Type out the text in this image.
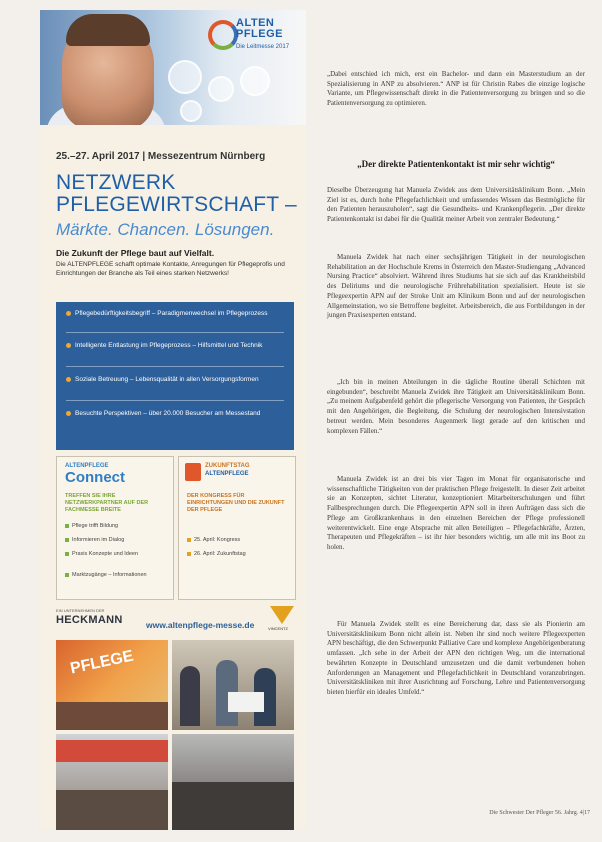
ALTEN
PFLEGE
Die Leitmesse 2017
25.–27. April 2017 | Messezentrum Nürnberg
NETZWERK
PFLEGEWIRTSCHAFT –
Märkte. Chancen. Lösungen.
Die Zukunft der Pflege baut auf Vielfalt.
Die ALTENPFLEGE schafft optimale Kontakte, Anregungen für Pflegeprofis und Einrichtungen der Branche als Teil eines starken Netzwerks!
Pflegebedürftigkeitsbegriff – Paradigmenwechsel im Pflegeprozess
Intelligente Entlastung im Pflegeprozess – Hilfsmittel und Technik
Soziale Betreuung – Lebensqualität in allen Versorgungsformen
Besuchte Perspektiven – über 20.000 Besucher am Messestand
ALTENPFLEGE
Connect
TREFFEN SIE IHRE NETZWERKPARTNER AUF DER FACHMESSE BREITE
Pflege trifft Bildung
Informieren im Dialog
Praxis Konzepte und Ideen
Marktzugänge – Informationen
ZUKUNFTSTAG
ALTENPFLEGE
DER KONGRESS FÜR EINRICHTUNGEN UND DIE ZUKUNFT DER PFLEGE
25. April: Kongress
26. April: Zukunftstag
EIN UNTERNEHMEN DER
HECKMANN	www.altenpflege-messe.de	VINCENTZ
PFLEGE

„Dabei entschied ich mich, erst ein Bachelor- und dann ein Masterstudium an der Spezialisierung in ANP zu absolvieren.“ ANP ist für Christin Rabes die einzige logische Variante, um Pflegewissenschaft direkt in die Patientenversorgung zu bringen und so die Patientenversorgung zu optimieren.

„Der direkte Patientenkontakt ist mir sehr wichtig“

Dieselbe Überzeugung hat Manuela Zwidek aus dem Universitätsklinikum Bonn. „Mein Ziel ist es, durch hohe Pflegefachlichkeit und umfassendes Wissen das Bestmögliche für den Patienten herauszuholen“, sagt die Gesundheits- und Krankenpflegerin. „Der direkte Patientenkontakt ist dabei für die Qualität meiner Arbeit von zentraler Bedeutung.“

Manuela Zwidek hat nach einer sechsjährigen Tätigkeit in der neurologischen Rehabilitation an der Hochschule Krems in Österreich den Master-Studiengang „Advanced Nursing Practice“ absolviert. Während ihres Studiums hat sie sich auf das Krankheitsbild des Deliriums und die neurologische Frührehabilitation spezialisiert. Heute ist sie Pflegeexpertin APN auf der Stroke Unit am Klinikum Bonn und auf der neurologischen Allgemeinstation, wo sie Betroffene begleitet. Arbeitsbereich, die aus Fortbildungen in der jungen Praxisexperten entstand.

„Ich bin in meinen Abteilungen in die tägliche Routine überall Schichten mit eingebunden“, beschreibt Manuela Zwidek ihre Tätigkeit am Universitätsklinikum Bonn. „Zu meinem Aufgabenfeld gehört die pflegerische Versorgung von Patienten, ihr Gespräch mit den Angehörigen, die Begleitung, die Schulung der neurologischen Intensivstation betreut werden. Mein besonderes Augenmerk liegt gerade auf den kritischen und komplexen Fällen.“

Manuela Zwidek ist an drei bis vier Tagen im Monat für organisatorische und wissenschaftliche Tätigkeiten von der praktischen Pflege freigestellt. In dieser Zeit arbeitet sie an Konzepten, sichtet Literatur, konzeptioniert Mitarbeiterschulungen und führt Fallbesprechungen durch. Die Pflegeexpertin APN soll in ihren Aufträgen dass sich die Pflege am Großkrankenhaus in den einzelnen Bereichen der Pflege professionell weiterentwickelt. Eine enge Absprache mit allen Beteiligten – Pflegefachkräfte, Ärzten, Therapeuten und Pflegekräften – ist ihr hier besonders wichtig, um alle mit ins Boot zu holen.

Für Manuela Zwidek stellt es eine Bereicherung dar, dass sie als Pionierin am Universitätsklinikum Bonn nicht allein ist. Neben ihr sind noch weitere Pflegeexperten APN beschäftigt, die den Schwerpunkt Palliative Care und komplexe Angehörigenberatung umfassen. „Ich sehe in der Arbeit der APN den richtigen Weg, um die international bewährten Konzepte in Deutschland umzusetzen und die damit verbundenen hohen Anforderungen an Management und Pflegefachlichkeit in Deutschland voranzubringen. Universitätskliniken mit ihrer Ausrichtung auf Forschung, Lehre und Patientenversorgung bieten hierfür ein ideales Umfeld.“

Die Schwester Der Pfleger 56. Jahrg. 4|17
